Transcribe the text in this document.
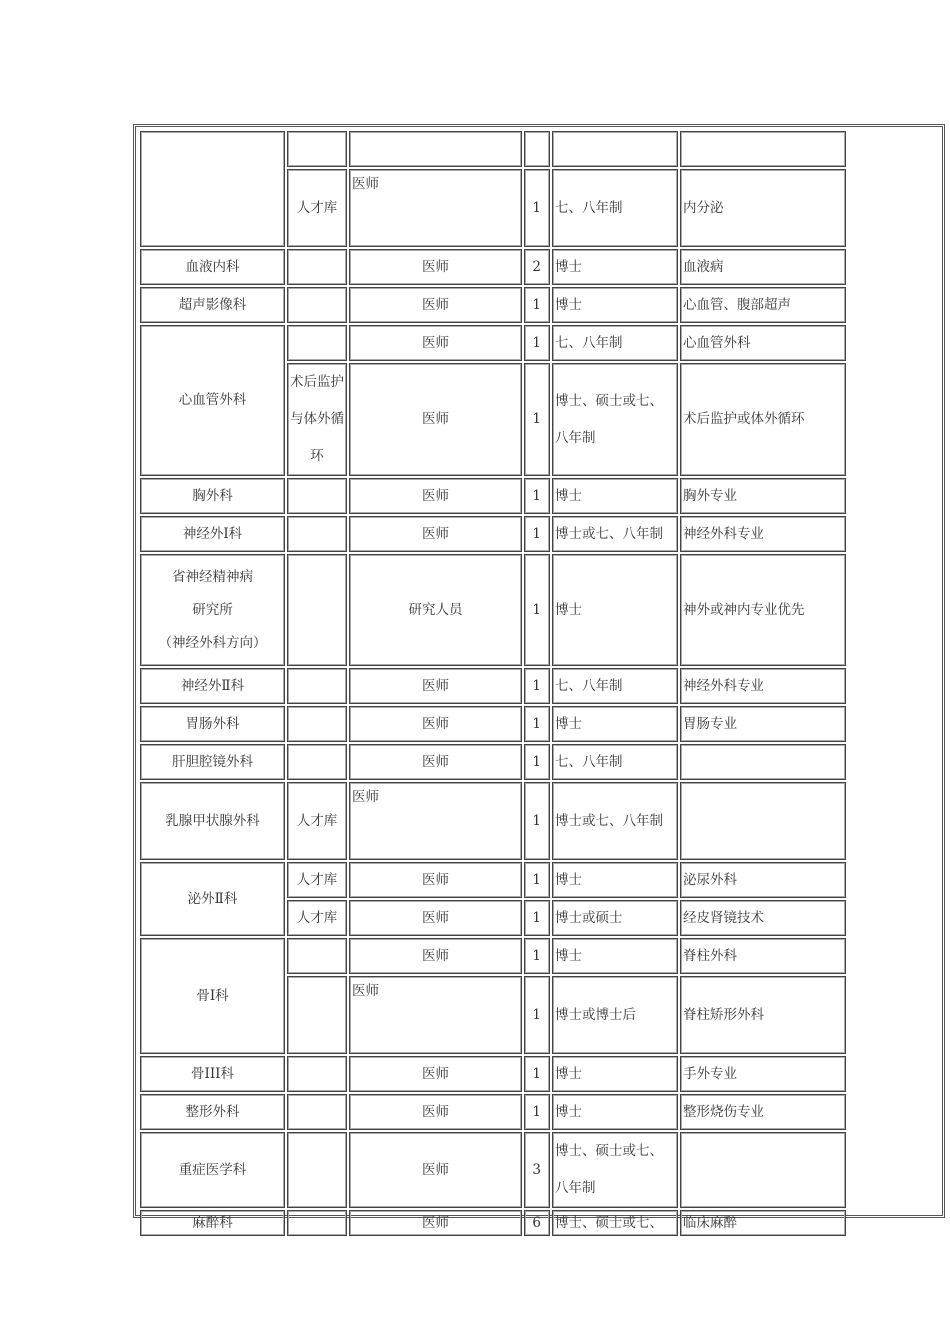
	人才库	医师	1	七、八年制	内分泌
血液内科		医师	2	博士	血液病
超声影像科		医师	1	博士	心血管、腹部超声
心血管外科		医师	1	七、八年制	心血管外科

	术后监护
与体外循
环	医师	1	博士、硕士或七、
八年制	术后监护或体外循环
胸外科		医师	1	博士	胸外专业
神经外Ⅰ科		医师	1	博士或七、八年制	神经外科专业

省神经精神病
研究所
（神经外科方向）		研究人员	1	博士	神外或神内专业优先
神经外Ⅱ科		医师	1	七、八年制	神经外科专业
胃肠外科		医师	1	博士	胃肠专业
肝胆腔镜外科		医师	1	七、八年制	
乳腺甲状腺外科	人才库	医师	1	博士或七、八年制	
泌外Ⅱ科	人才库	医师	1	博士	泌尿外科
	人才库	医师	1	博士或硕士	经皮肾镜技术
骨Ⅰ科		医师	1	博士	脊柱外科
		医师	1	博士或博士后	脊柱矫形外科
骨III科		医师	1	博士	手外专业
整形外科		医师	1	博士	整形烧伤专业
重症医学科		医师	3	博士、硕士或七、
八年制	

麻醉科		医师	6	博士、硕士或七、	临床麻醉
